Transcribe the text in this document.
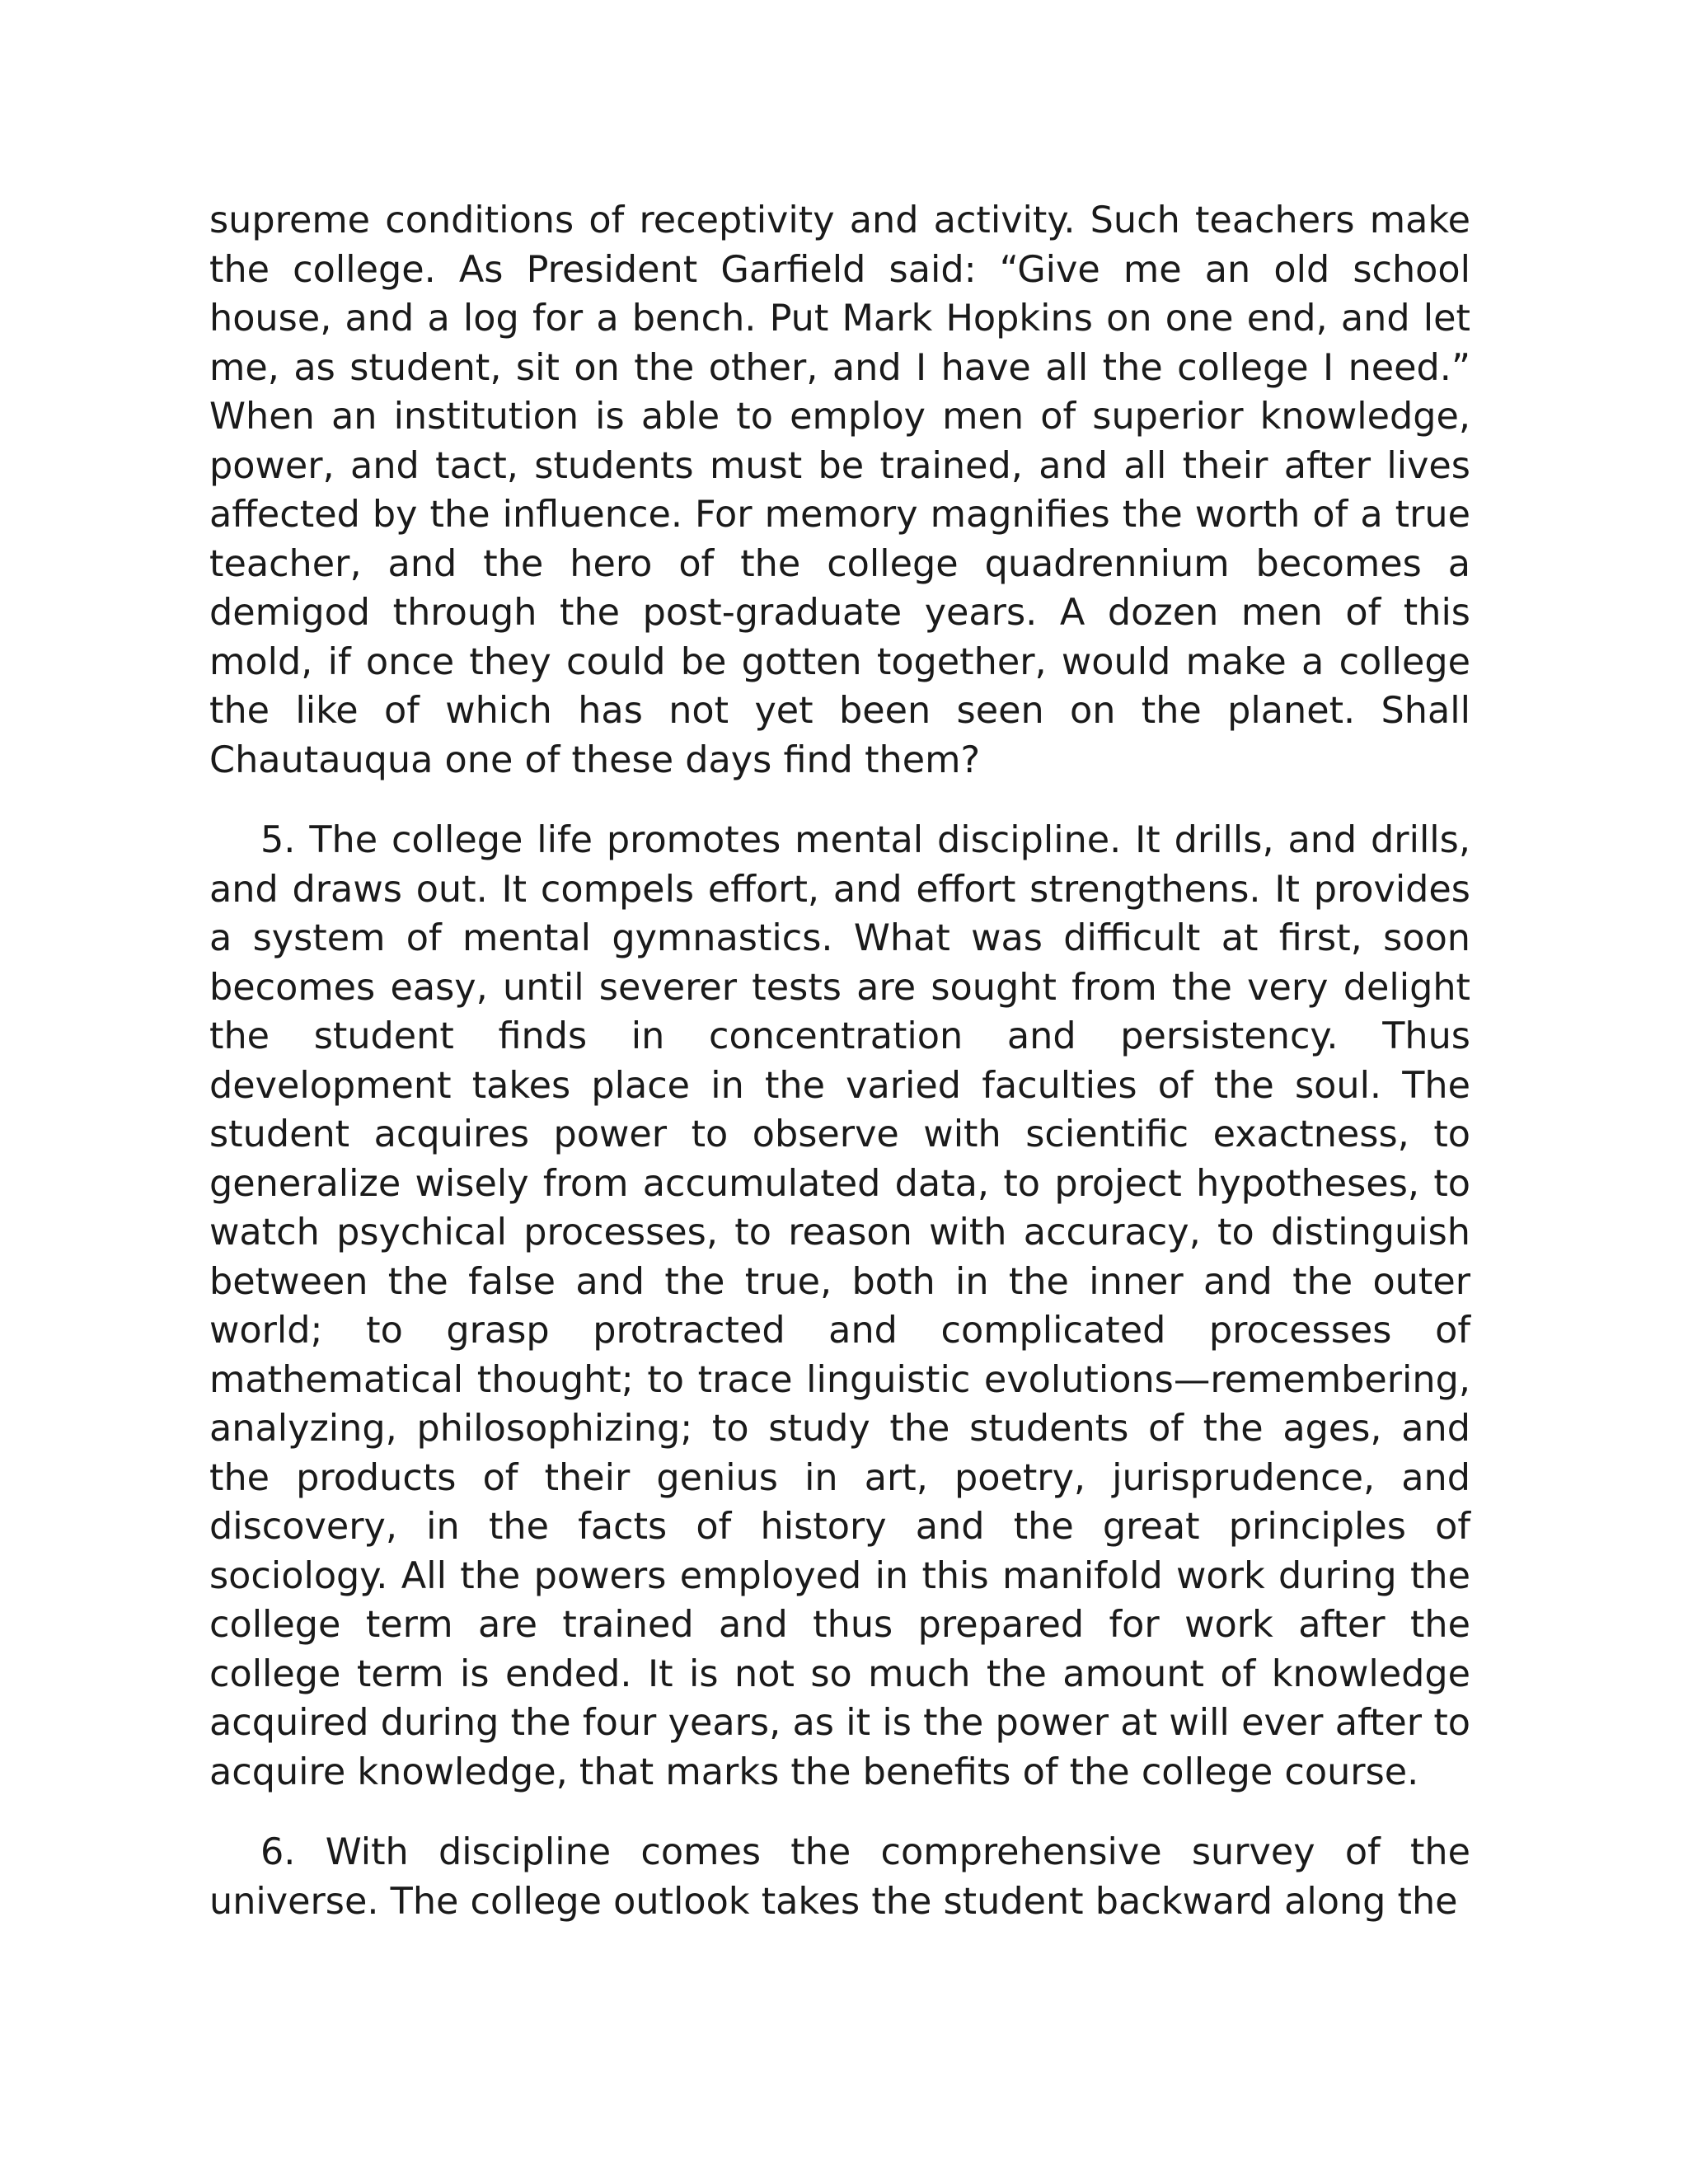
supreme conditions of receptivity and activity. Such teachers make the college. As President Garfield said: “Give me an old school house, and a log for a bench. Put Mark Hopkins on one end, and let me, as student, sit on the other, and I have all the college I need.” When an institution is able to employ men of superior knowledge, power, and tact, students must be trained, and all their after lives affected by the influence. For memory magnifies the worth of a true teacher, and the hero of the college quadrennium becomes a demigod through the post-graduate years. A dozen men of this mold, if once they could be gotten together, would make a college the like of which has not yet been seen on the planet. Shall Chautauqua one of these days find them?

5. The college life promotes mental discipline. It drills, and drills, and draws out. It compels effort, and effort strengthens. It provides a system of mental gymnastics. What was difficult at first, soon becomes easy, until severer tests are sought from the very delight the student finds in concentration and persistency. Thus development takes place in the varied faculties of the soul. The student acquires power to observe with scientific exactness, to generalize wisely from accumulated data, to project hypotheses, to watch psychical processes, to reason with accuracy, to distinguish between the false and the true, both in the inner and the outer world; to grasp protracted and complicated processes of mathematical thought; to trace linguistic evolutions—remembering, analyzing, philosophizing; to study the students of the ages, and the products of their genius in art, poetry, jurisprudence, and discovery, in the facts of history and the great principles of sociology. All the powers employed in this manifold work during the college term are trained and thus prepared for work after the college term is ended. It is not so much the amount of knowledge acquired during the four years, as it is the power at will ever after to acquire knowledge, that marks the benefits of the college course.

6. With discipline comes the comprehensive survey of the universe. The college outlook takes the student backward along the
